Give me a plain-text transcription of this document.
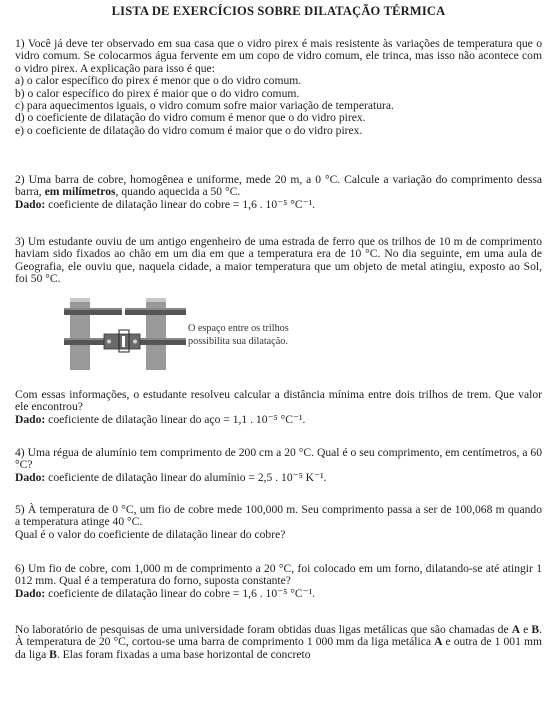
LISTA DE EXERCÍCIOS SOBRE DILATAÇÃO TÉRMICA

1) Você já deve ter observado em sua casa que o vidro pirex é mais resistente às variações de temperatura que o vidro comum. Se colocarmos água fervente em um copo de vidro comum, ele trinca, mas isso não acontece com o vidro pirex. A explicação para isso é que:

a) o calor específico do pirex é menor que o do vidro comum.

b) o calor específico do pirex é maior que o do vidro comum.

c) para aquecimentos iguais, o vidro comum sofre maior variação de temperatura.

d) o coeficiente de dilatação do vidro comum é menor que o do vidro pirex.

e) o coeficiente de dilatação do vidro comum é maior que o do vidro pirex.

2) Uma barra de cobre, homogênea e uniforme, mede 20 m, a 0 °C. Calcule a variação do comprimento dessa barra, em milímetros, quando aquecida a 50 °C.

Dado: coeficiente de dilatação linear do cobre = 1,6 . 10⁻⁵ °C⁻¹.

3) Um estudante ouviu de um antigo engenheiro de uma estrada de ferro que os trilhos de 10 m de comprimento haviam sido fixados ao chão em um dia em que a temperatura era de 10 °C. No dia seguinte, em uma aula de Geografia, ele ouviu que, naquela cidade, a maior temperatura que um objeto de metal atingiu, exposto ao Sol, foi 50 °C.

O espaço entre os trilhos
possibilita sua dilatação.

Com essas informações, o estudante resolveu calcular a distância mínima entre dois trilhos de trem. Que valor ele encontrou?

Dado: coeficiente de dilatação linear do aço = 1,1 . 10⁻⁵ °C⁻¹.

4) Uma régua de alumínio tem comprimento de 200 cm a 20 °C. Qual é o seu comprimento, em centímetros, a 60 °C?

Dado: coeficiente de dilatação linear do alumínio = 2,5 . 10⁻⁵ K⁻¹.

5) À temperatura de 0 °C, um fio de cobre mede 100,000 m. Seu comprimento passa a ser de 100,068 m quando a temperatura atinge 40 °C.

Qual é o valor do coeficiente de dilatação linear do cobre?

6) Um fio de cobre, com 1,000 m de comprimento a 20 °C, foi colocado em um forno, dilatando-se até atingir 1 012 mm. Qual é a temperatura do forno, suposta constante?

Dado: coeficiente de dilatação linear do cobre = 1,6 . 10⁻⁵ °C⁻¹.

No laboratório de pesquisas de uma universidade foram obtidas duas ligas metálicas que são chamadas de A e B. À temperatura de 20 °C, cortou-se uma barra de comprimento 1 000 mm da liga metálica A e outra de 1 001 mm da liga B. Elas foram fixadas a uma base horizontal de concreto
